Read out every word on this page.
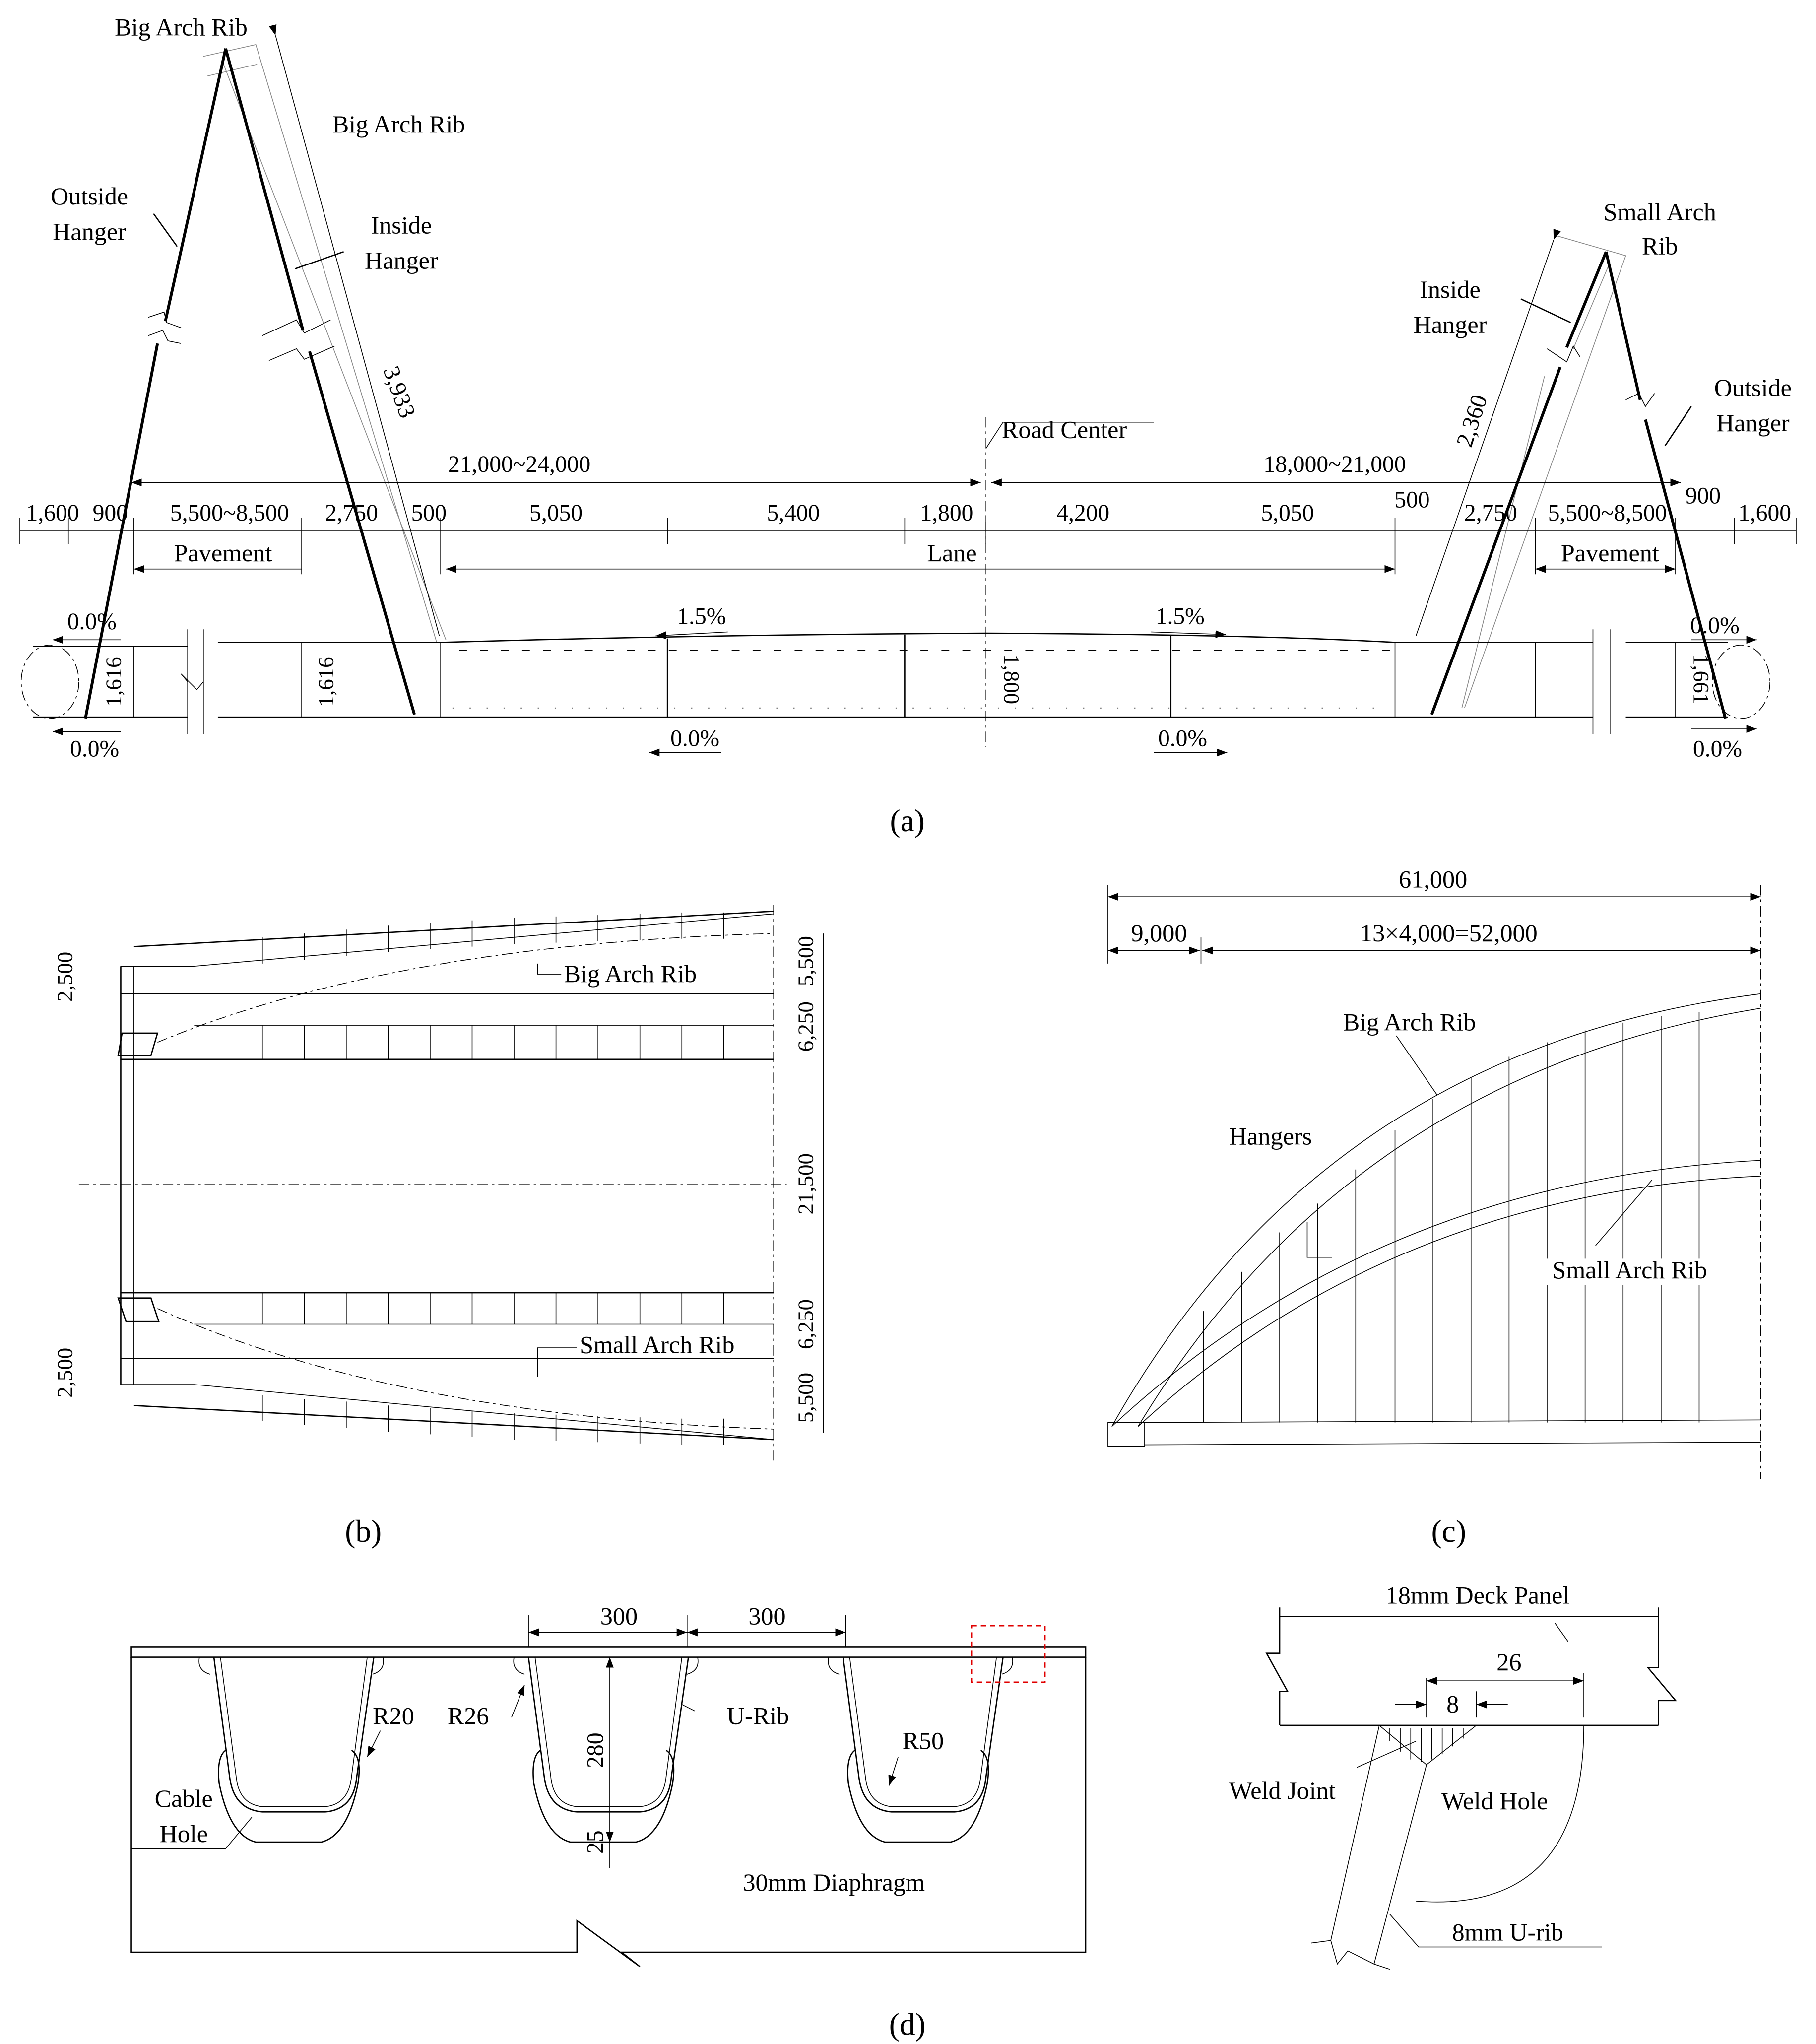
Big Arch Rib
Big Arch Rib
Outside
Hanger	Inside
Hanger
3,933
Small Arch
Rib
Inside
Hanger
Outside
Hanger
2,360
Road Center
21,000~24,000	18,000~21,000
1,600 900	5,500~8,500	2,750	500	5,050	5,400	1,800	4,200	5,050
500
2,750	5,500~8,500
900
1,600
Pavement	Lane	Pavement
0.0%
0.0%
1.5%
0.0%
1.5%
0.0%
0.0%
0.0%
1,616	1,616	1,800	1,661
(a)
Big Arch Rib
Small Arch Rib
2,500
2,500
5,500
6,250
21,500
6,250
5,500
(b)
61,000
9,000	13×4,000=52,000
Big Arch Rib
Hangers
Small Arch Rib
(c)
300	300
280
25
R20	R26	U-Rib
R50
Cable
Hole
30mm Diaphragm
18mm Deck Panel
26
8
Weld Joint	Weld Hole
8mm U-rib
(d)
